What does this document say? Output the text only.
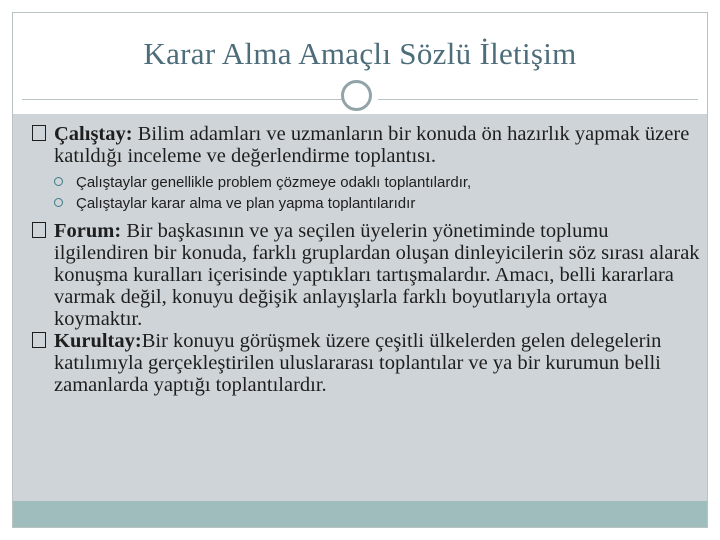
Karar Alma Amaçlı Sözlü İletişim

Çalıştay: Bilim adamları ve uzmanların bir konuda ön hazırlık yapmak üzere katıldığı inceleme ve değerlendirme toplantısı.

Çalıştaylar genellikle problem çözmeye odaklı toplantılardır,
Çalıştaylar karar alma ve plan yapma toplantılarıdır

Forum: Bir başkasının ve ya seçilen üyelerin yönetiminde toplumu ilgilendiren bir konuda, farklı gruplardan oluşan dinleyicilerin söz sırası alarak konuşma kuralları içerisinde yaptıkları tartışmalardır. Amacı, belli kararlara varmak değil, konuyu değişik anlayışlarla farklı boyutlarıyla ortaya koymaktır.

Kurultay:Bir konuyu görüşmek üzere çeşitli ülkelerden gelen delegelerin katılımıyla gerçekleştirilen uluslararası toplantılar ve ya bir kurumun belli zamanlarda yaptığı toplantılardır.
